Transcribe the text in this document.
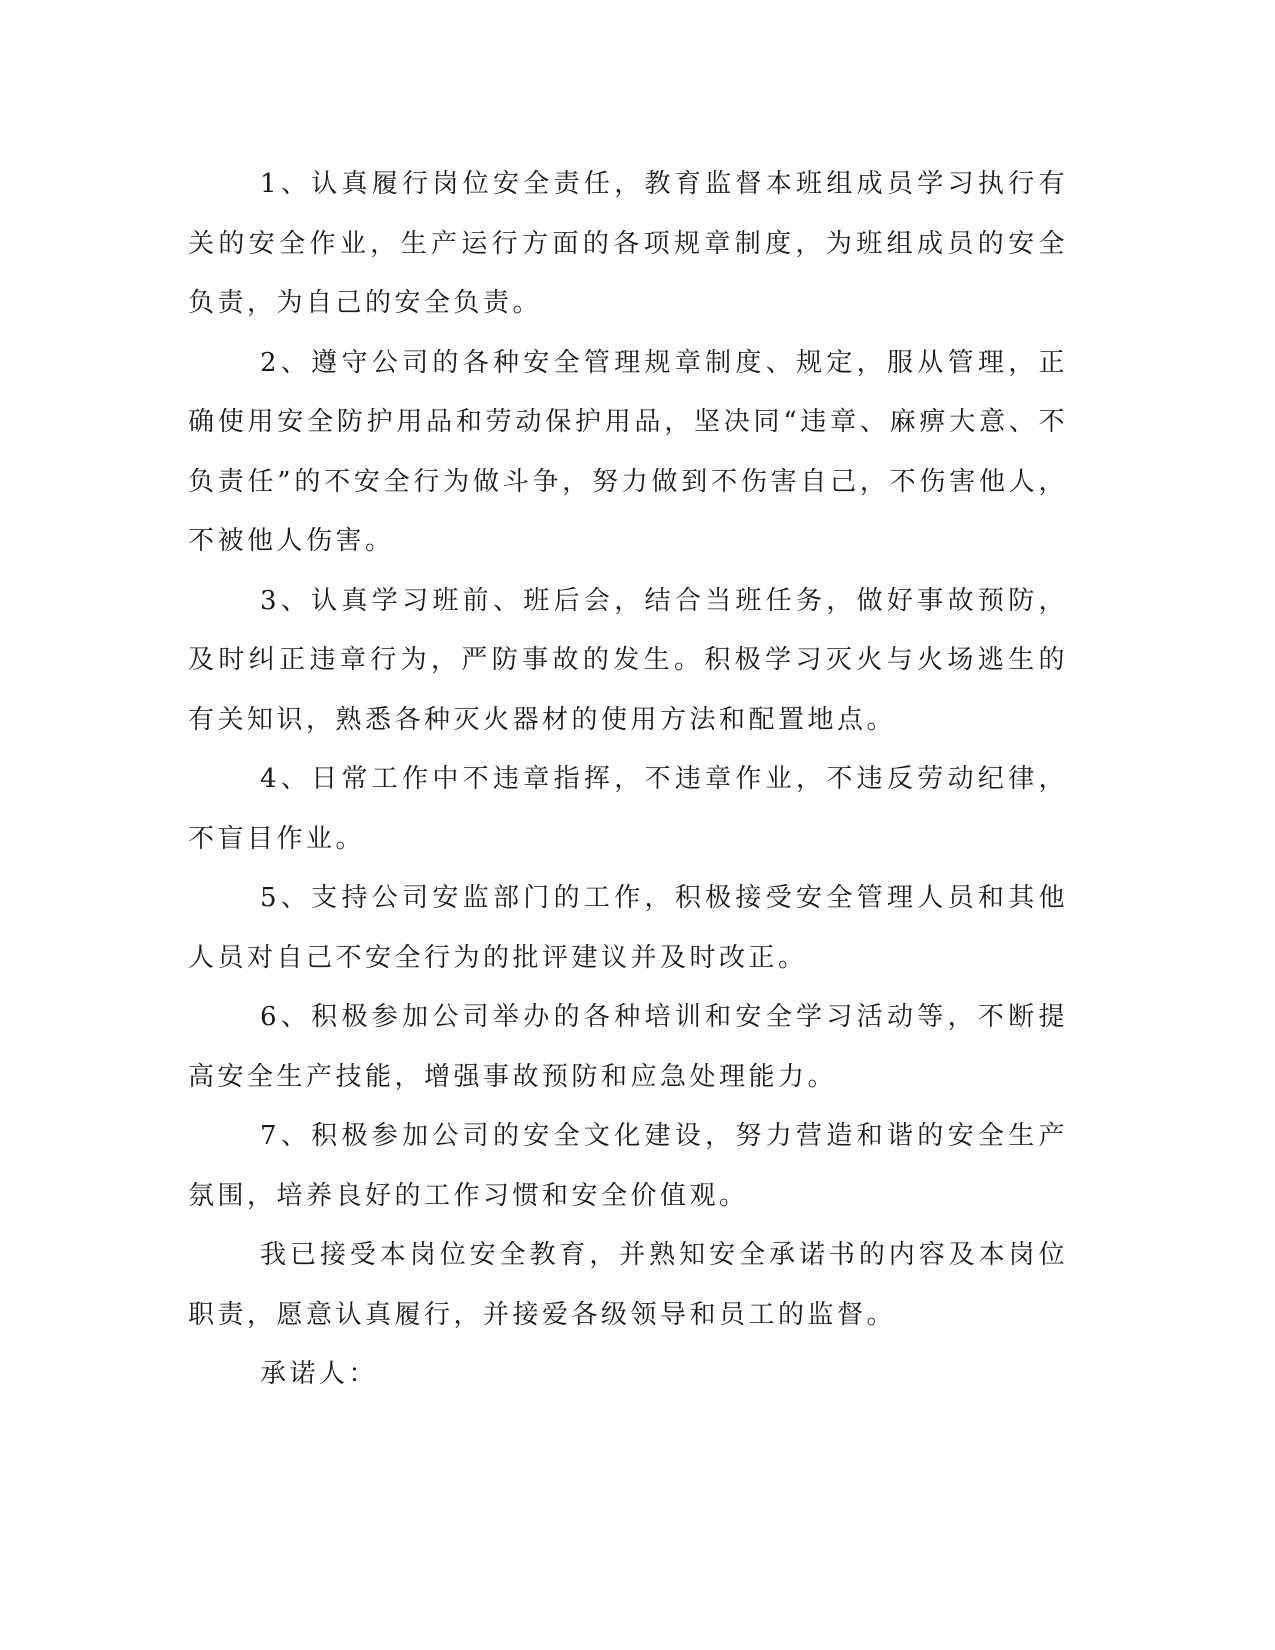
1、认真履行岗位安全责任，教育监督本班组成员学习执行有关的安全作业，生产运行方面的各项规章制度，为班组成员的安全负责，为自己的安全负责。

2、遵守公司的各种安全管理规章制度、规定，服从管理，正确使用安全防护用品和劳动保护用品，坚决同“违章、麻痹大意、不负责任”的不安全行为做斗争，努力做到不伤害自己，不伤害他人，不被他人伤害。

3、认真学习班前、班后会，结合当班任务，做好事故预防，及时纠正违章行为，严防事故的发生。积极学习灭火与火场逃生的有关知识，熟悉各种灭火器材的使用方法和配置地点。

4、日常工作中不违章指挥，不违章作业，不违反劳动纪律，不盲目作业。

5、支持公司安监部门的工作，积极接受安全管理人员和其他人员对自己不安全行为的批评建议并及时改正。

6、积极参加公司举办的各种培训和安全学习活动等，不断提高安全生产技能，增强事故预防和应急处理能力。

7、积极参加公司的安全文化建设，努力营造和谐的安全生产氛围，培养良好的工作习惯和安全价值观。

我已接受本岗位安全教育，并熟知安全承诺书的内容及本岗位职责，愿意认真履行，并接爱各级领导和员工的监督。

承诺人：
